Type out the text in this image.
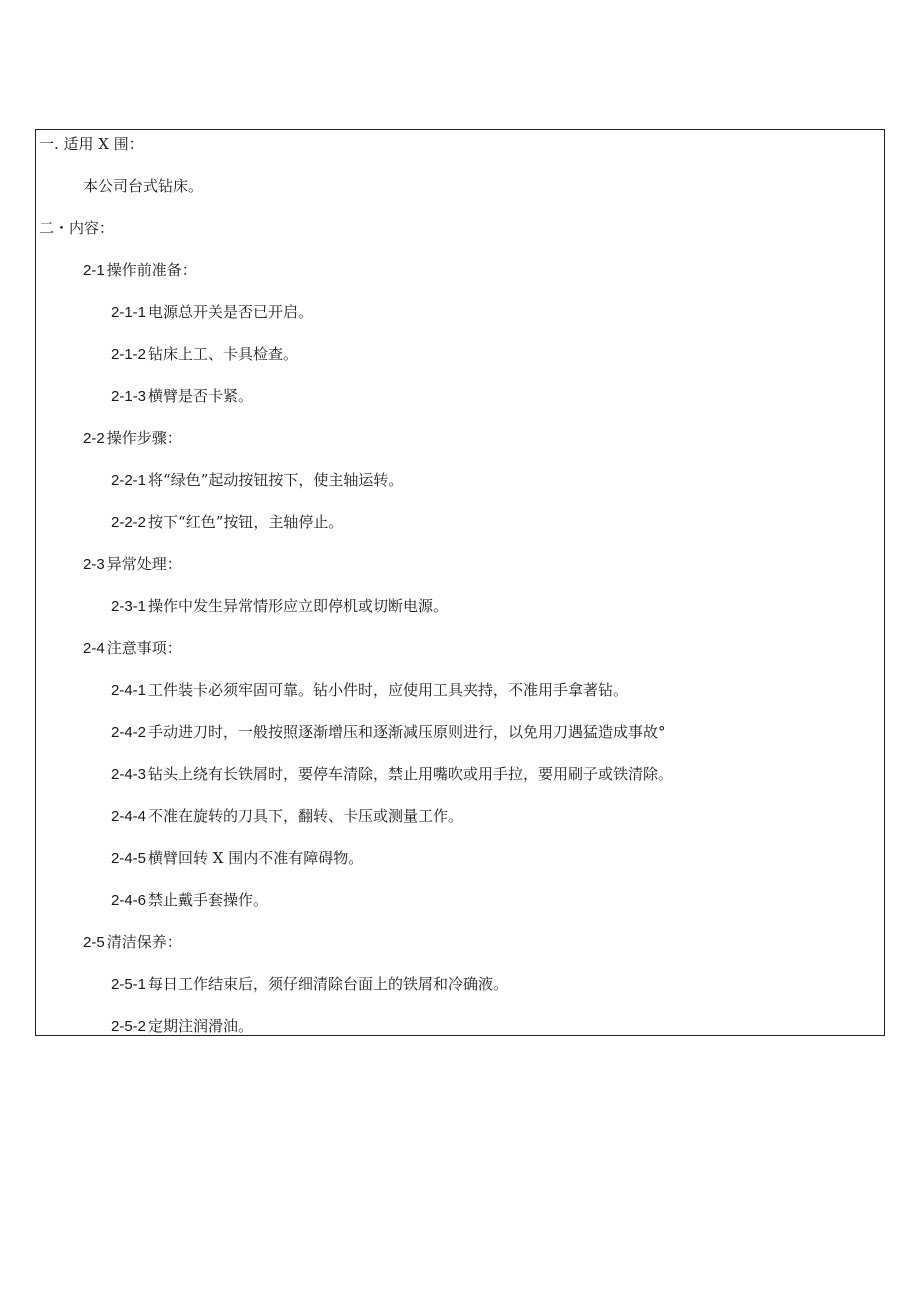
一. 适用 X 围：
本公司台式钻床。
二・内容：
2-1 操作前准备：
2-1-1 电源总开关是否已开启。
2-1-2 钻床上工、卡具检查。
2-1-3 横臂是否卡紧。
2-2 操作步骤：
2-2-1 将“绿色”起动按钮按下，使主轴运转。
2-2-2 按下“红色”按钮，主轴停止。
2-3 异常处理：
2-3-1 操作中发生异常情形应立即停机或切断电源。
2-4 注意事项：
2-4-1 工件装卡必须牢固可靠。钻小件时，应使用工具夹持，不准用手拿著钻。
2-4-2 手动进刀时，一般按照逐渐增压和逐渐减压原则进行，以免用刀遇猛造成事故°
2-4-3 钻头上绕有长铁屑时，要停车清除，禁止用嘴吹或用手拉，要用刷子或铁清除。
2-4-4 不准在旋转的刀具下，翻转、卡压或测量工作。
2-4-5 横臂回转 X 围内不准有障碍物。
2-4-6 禁止戴手套操作。
2-5 清洁保养：
2-5-1 每日工作结束后，须仔细清除台面上的铁屑和冷确液。
2-5-2 定期注润滑油。
